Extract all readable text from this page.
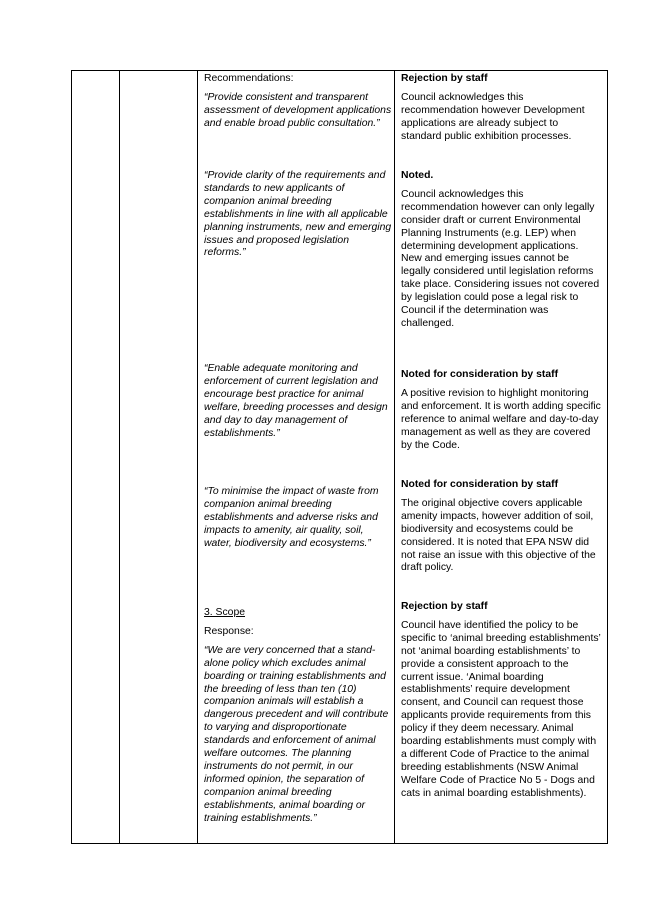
Recommendations:

“Provide consistent and transparent assessment of development applications and enable broad public consultation.”

“Provide clarity of the requirements and standards to new applicants of companion animal breeding establishments in line with all applicable planning instruments, new and emerging issues and proposed legislation reforms.”
“Enable adequate monitoring and enforcement of current legislation and encourage best practice for animal welfare, breeding processes and design and day to day management of establishments.”
“To minimise the impact of waste from companion animal breeding establishments and adverse risks and impacts to amenity, air quality, soil, water, biodiversity and ecosystems.”

3. Scope

Response:

“We are very concerned that a stand-alone policy which excludes animal boarding or training establishments and the breeding of less than ten (10) companion animals will establish a dangerous precedent and will contribute to varying and disproportionate standards and enforcement of animal welfare outcomes. The planning instruments do not permit, in our informed opinion, the separation of companion animal breeding establishments, animal boarding or training establishments.”

Rejection by staff

Council acknowledges this recommendation however Development applications are already subject to standard public exhibition processes.

Noted.

Council acknowledges this recommendation however can only legally consider draft or current Environmental Planning Instruments (e.g. LEP) when determining development applications. New and emerging issues cannot be legally considered until legislation reforms take place. Considering issues not covered by legislation could pose a legal risk to Council if the determination was challenged.

Noted for consideration by staff

A positive revision to highlight monitoring and enforcement. It is worth adding specific reference to animal welfare and day-to-day management as well as they are covered by the Code.

Noted for consideration by staff

The original objective covers applicable amenity impacts, however addition of soil, biodiversity and ecosystems could be considered. It is noted that EPA NSW did not raise an issue with this objective of the draft policy.

Rejection by staff

Council have identified the policy to be specific to ‘animal breeding establishments’ not ‘animal boarding establishments’ to provide a consistent approach to the current issue. ‘Animal boarding establishments’ require development consent, and Council can request those applicants provide requirements from this policy if they deem necessary. Animal boarding establishments must comply with a different Code of Practice to the animal breeding establishments (NSW Animal Welfare Code of Practice No 5 - Dogs and cats in animal boarding establishments).
